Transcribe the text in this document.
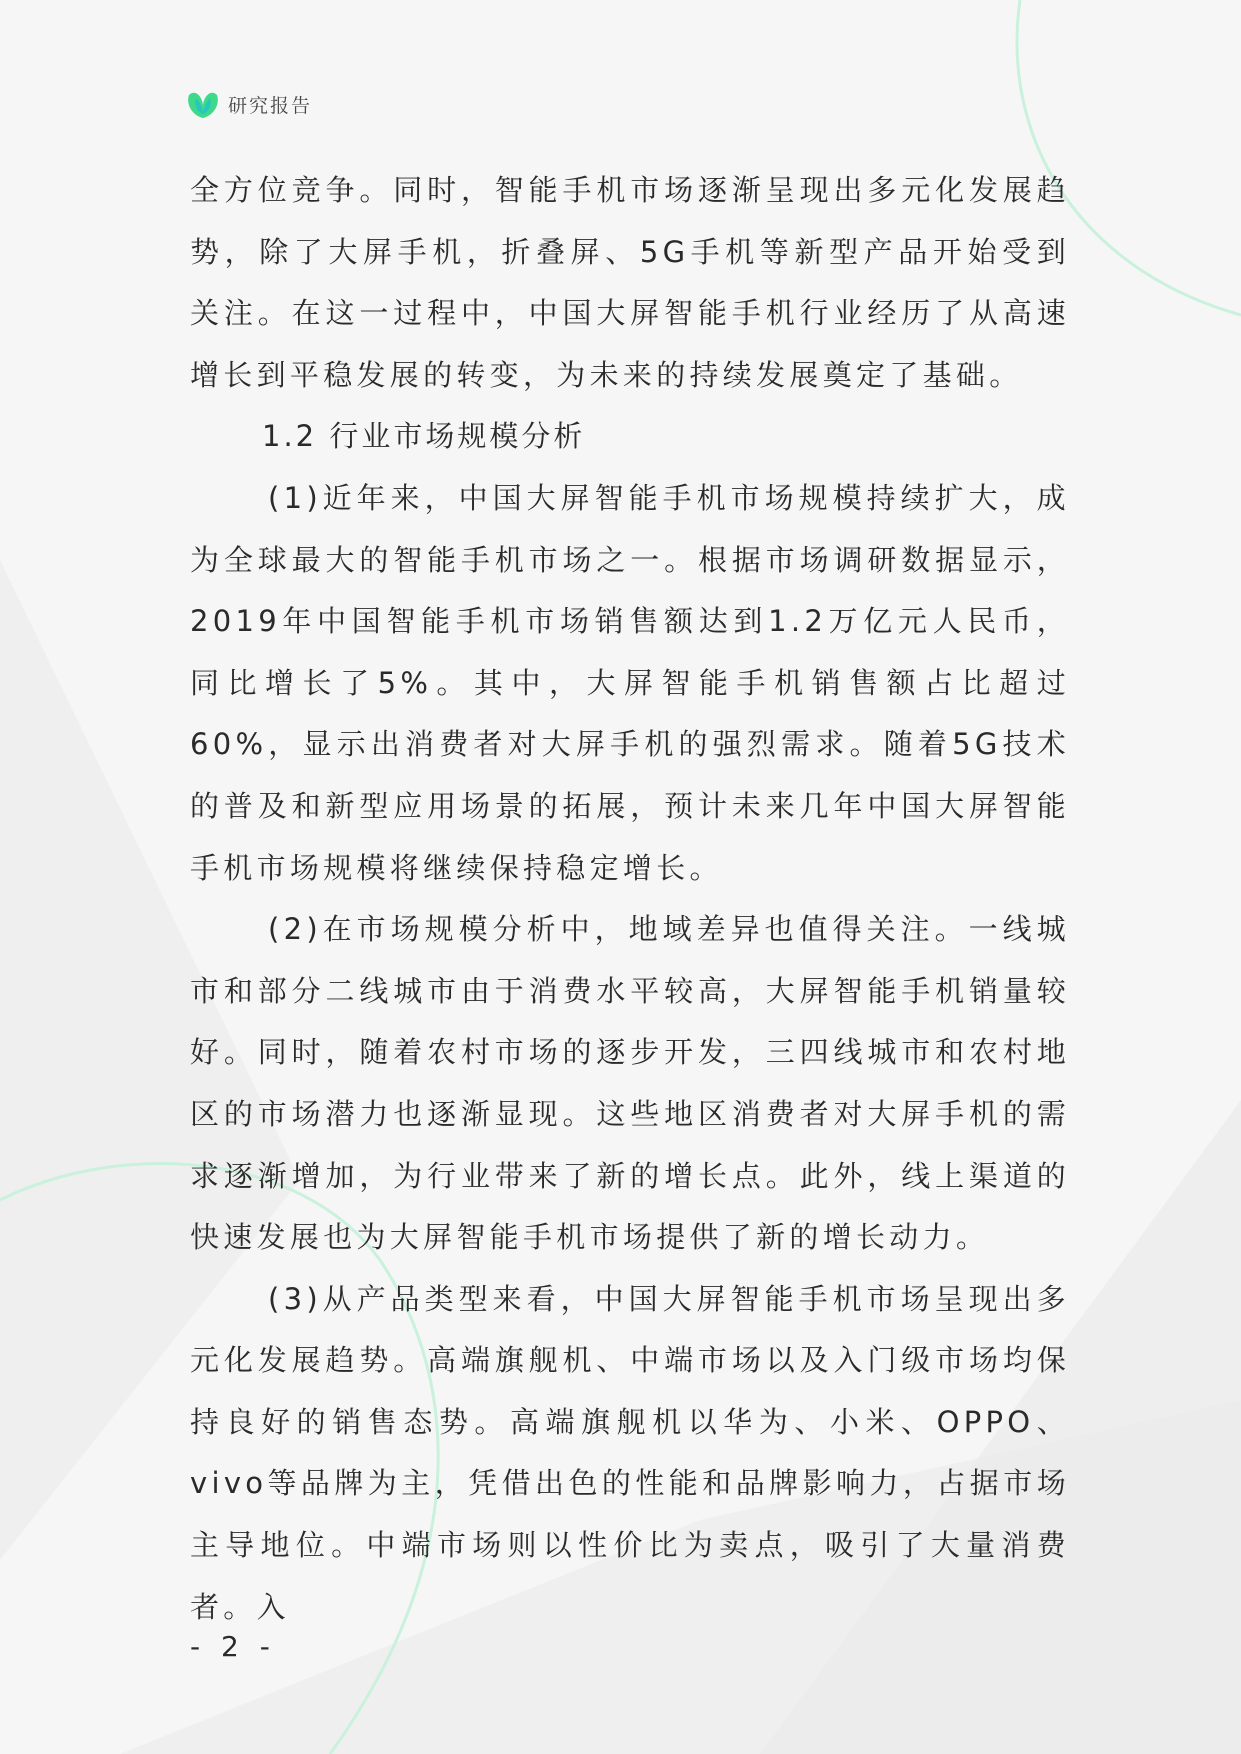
研究报告

全方位竞争。同时，智能手机市场逐渐呈现出多元化发展趋势，除了大屏手机，折叠屏、5G手机等新型产品开始受到关注。在这一过程中，中国大屏智能手机行业经历了从高速增长到平稳发展的转变，为未来的持续发展奠定了基础。

1.2 行业市场规模分析

(1)近年来，中国大屏智能手机市场规模持续扩大，成为全球最大的智能手机市场之一。根据市场调研数据显示，2019年中国智能手机市场销售额达到1.2万亿元人民币，同比增长了5%。其中，大屏智能手机销售额占比超过60%，显示出消费者对大屏手机的强烈需求。随着5G技术的普及和新型应用场景的拓展，预计未来几年中国大屏智能手机市场规模将继续保持稳定增长。

(2)在市场规模分析中，地域差异也值得关注。一线城市和部分二线城市由于消费水平较高，大屏智能手机销量较好。同时，随着农村市场的逐步开发，三四线城市和农村地区的市场潜力也逐渐显现。这些地区消费者对大屏手机的需求逐渐增加，为行业带来了新的增长点。此外，线上渠道的快速发展也为大屏智能手机市场提供了新的增长动力。

(3)从产品类型来看，中国大屏智能手机市场呈现出多元化发展趋势。高端旗舰机、中端市场以及入门级市场均保持良好的销售态势。高端旗舰机以华为、小米、OPPO、vivo等品牌为主，凭借出色的性能和品牌影响力，占据市场主导地位。中端市场则以性价比为卖点，吸引了大量消费者。入

- 2 -
